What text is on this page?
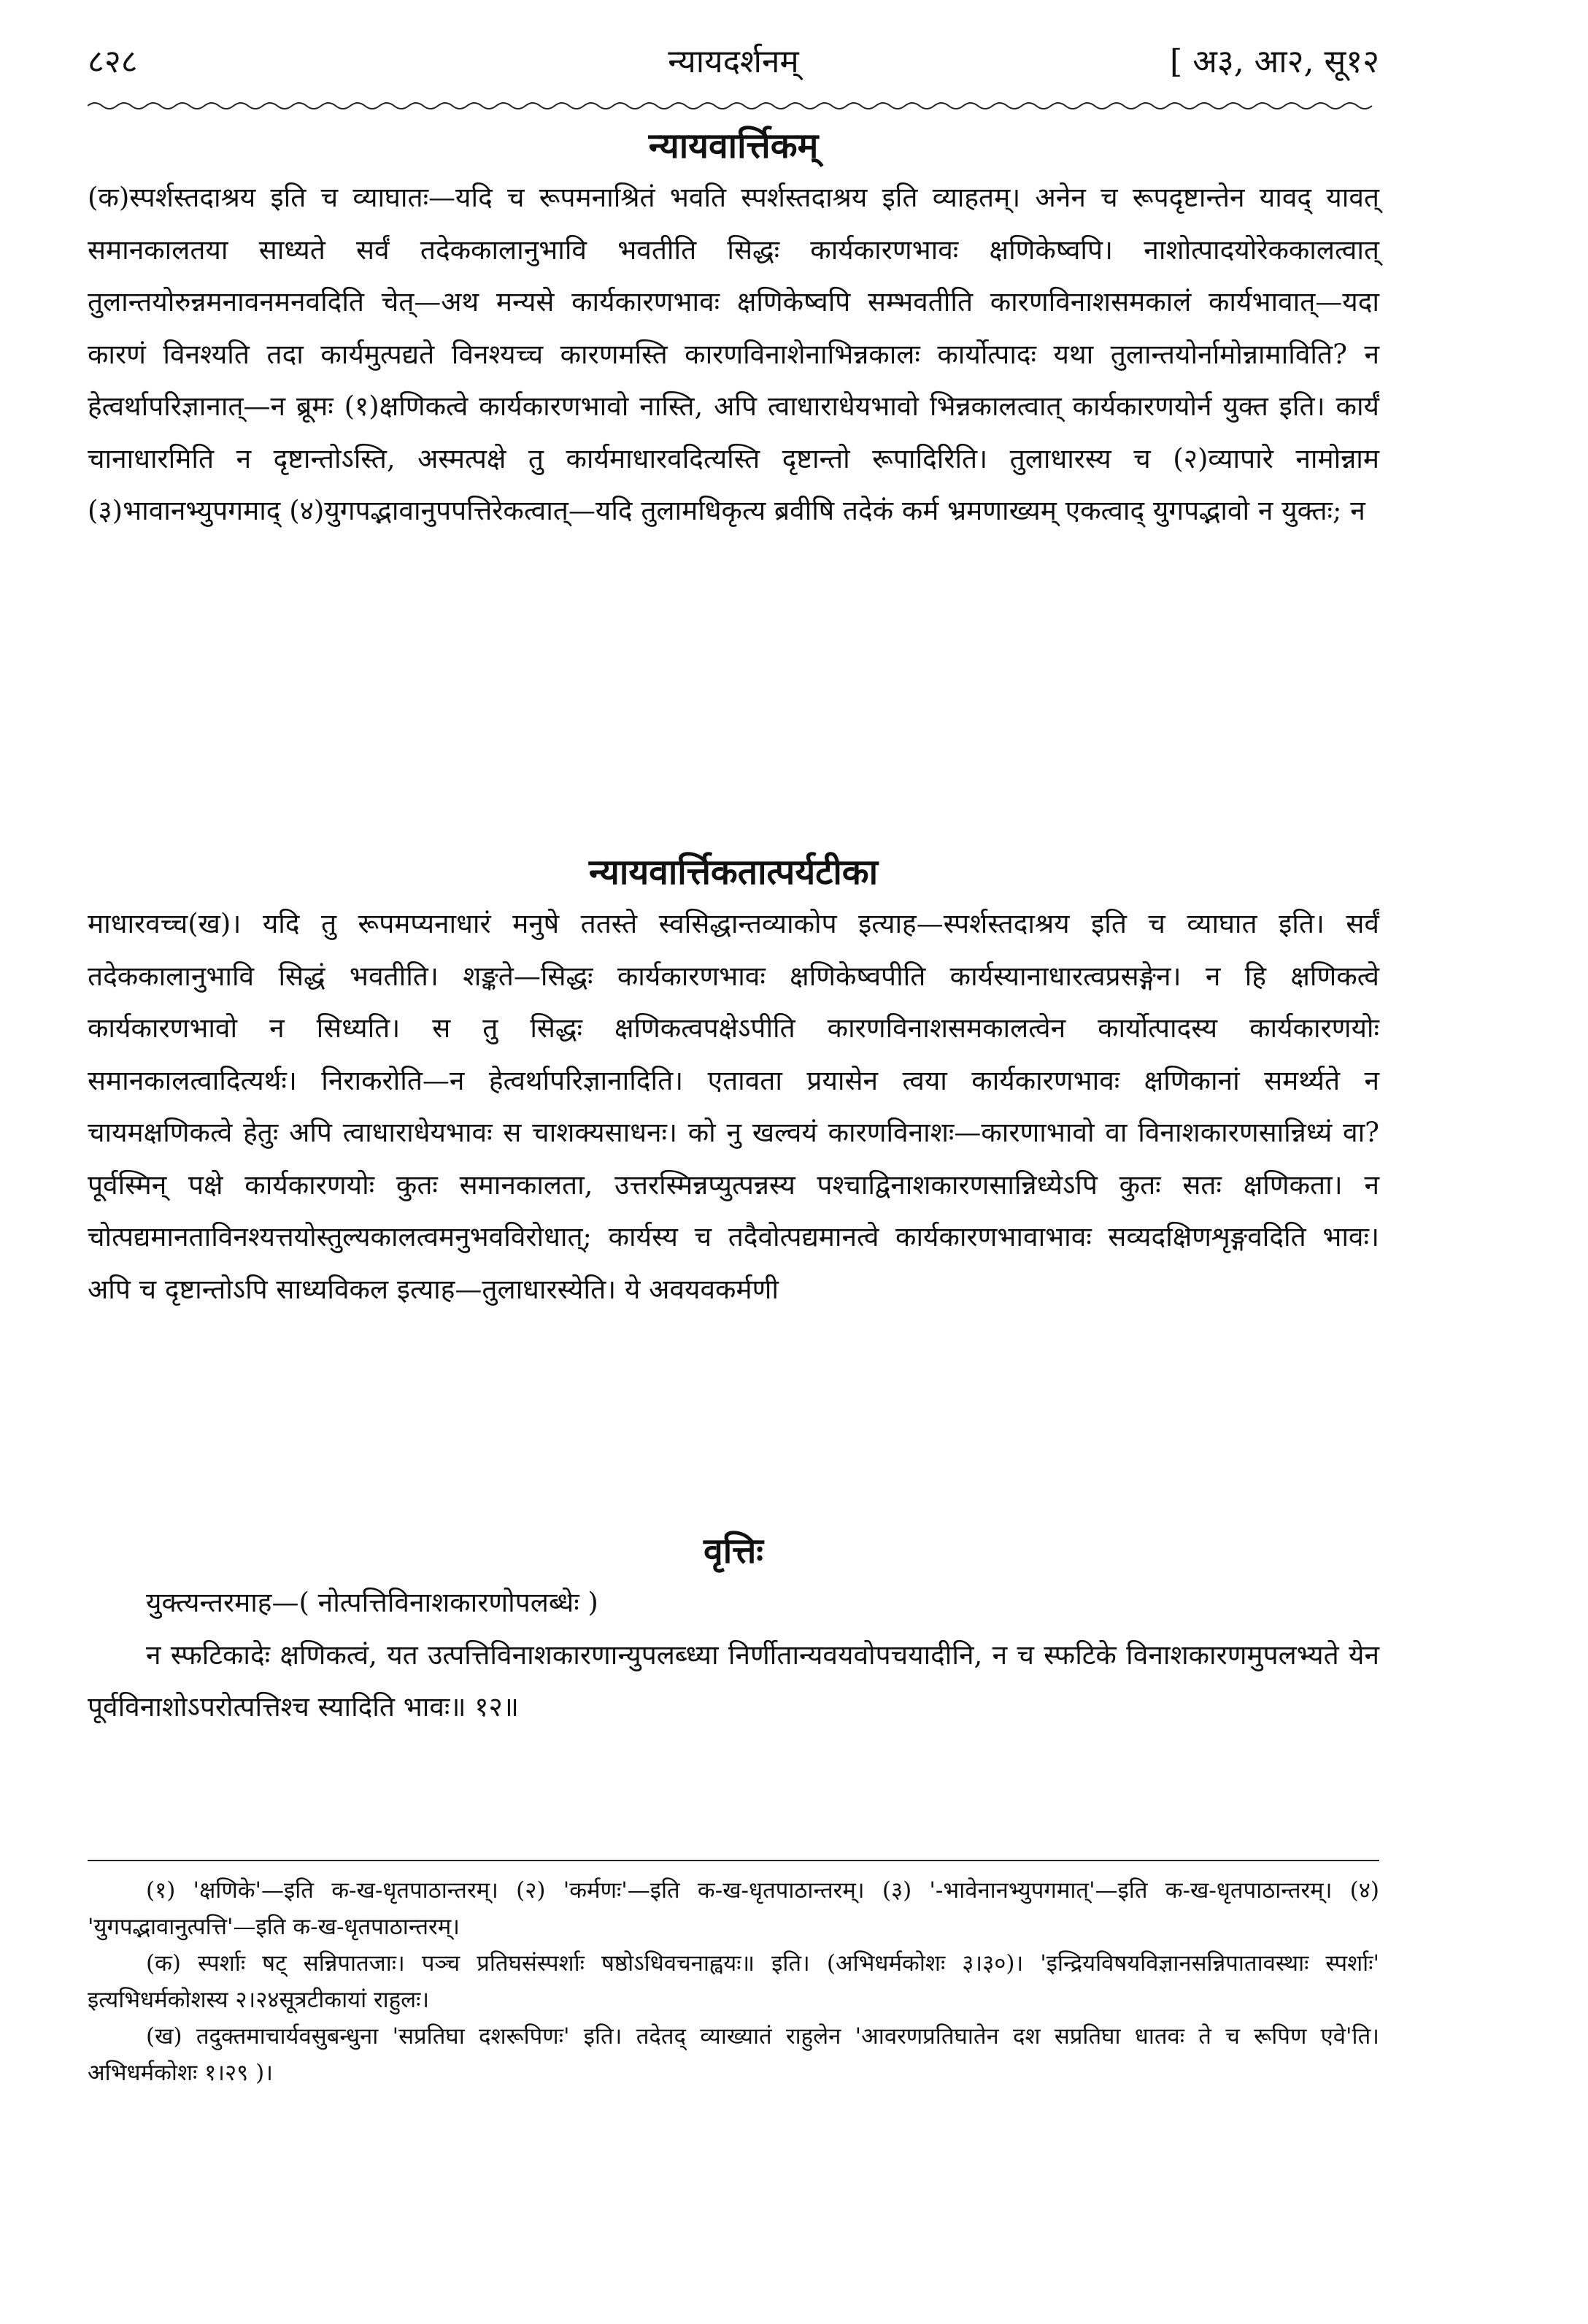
८२८	न्यायदर्शनम्	[ अ३, आ२, सू१२
न्यायवार्त्तिकम्

(क)स्पर्शस्तदाश्रय इति च व्याघातः—यदि च रूपमनाश्रितं भवति स्पर्शस्तदाश्रय इति व्याहतम्। अनेन च रूपदृष्टान्तेन यावद् यावत् समानकालतया साध्यते सर्वं तदेककालानुभावि भवतीति सिद्धः कार्यकारणभावः क्षणिकेष्वपि। नाशोत्पादयोरेककालत्वात् तुलान्तयोरुन्नमनावनमनवदिति चेत्—अथ मन्यसे कार्यकारणभावः क्षणिकेष्वपि सम्भवतीति कारणविनाशसमकालं कार्यभावात्—यदा कारणं विनश्यति तदा कार्यमुत्पद्यते विनश्यच्च कारणमस्ति कारणविनाशेनाभिन्नकालः कार्योत्पादः यथा तुलान्तयोर्नामोन्नामाविति? न हेत्वर्थापरिज्ञानात्—न ब्रूमः (१)क्षणिकत्वे कार्यकारणभावो नास्ति, अपि त्वाधाराधेयभावो भिन्नकालत्वात् कार्यकारणयोर्न युक्त इति। कार्यं चानाधारमिति न दृष्टान्तोऽस्ति, अस्मत्पक्षे तु कार्यमाधारवदित्यस्ति दृष्टान्तो रूपादिरिति। तुलाधारस्य च (२)व्यापारे नामोन्नाम (३)भावानभ्युपगमाद् (४)युगपद्भावानुपपत्तिरेकत्वात्—यदि तुलामधिकृत्य ब्रवीषि तदेकं कर्म भ्रमणाख्यम् एकत्वाद् युगपद्भावो न युक्तः; न

न्यायवार्त्तिकतात्पर्यटीका

माधारवच्च(ख)। यदि तु रूपमप्यनाधारं मनुषे ततस्ते स्वसिद्धान्तव्याकोप इत्याह—स्पर्शस्तदाश्रय इति च व्याघात इति। सर्वं तदेककालानुभावि सिद्धं भवतीति। शङ्कते—सिद्धः कार्यकारणभावः क्षणिकेष्वपीति कार्यस्यानाधारत्वप्रसङ्गेन। न हि क्षणिकत्वे कार्यकारणभावो न सिध्यति। स तु सिद्धः क्षणिकत्वपक्षेऽपीति कारणविनाशसमकालत्वेन कार्योत्पादस्य कार्यकारणयोः समानकालत्वादित्यर्थः। निराकरोति—न हेत्वर्थापरिज्ञानादिति। एतावता प्रयासेन त्वया कार्यकारणभावः क्षणिकानां समर्थ्यते न चायमक्षणिकत्वे हेतुः अपि त्वाधाराधेयभावः स चाशक्यसाधनः। को नु खल्वयं कारणविनाशः—कारणाभावो वा विनाशकारणसान्निध्यं वा? पूर्वस्मिन् पक्षे कार्यकारणयोः कुतः समानकालता, उत्तरस्मिन्नप्युत्पन्नस्य पश्चाद्विनाशकारणसान्निध्येऽपि कुतः सतः क्षणिकता। न चोत्पद्यमानताविनश्यत्तयोस्तुल्यकालत्वमनुभवविरोधात्; कार्यस्य च तदैवोत्पद्यमानत्वे कार्यकारणभावाभावः सव्यदक्षिणशृङ्गवदिति भावः। अपि च दृष्टान्तोऽपि साध्यविकल इत्याह—तुलाधारस्येति। ये अवयवकर्मणी

वृत्तिः

युक्त्यन्तरमाह—( नोत्पत्तिविनाशकारणोपलब्धेः )

न स्फटिकादेः क्षणिकत्वं, यत उत्पत्तिविनाशकारणान्युपलब्ध्या निर्णीतान्यवयवोपचयादीनि, न च स्फटिके विनाशकारणमुपलभ्यते येन पूर्वविनाशोऽपरोत्पत्तिश्च स्यादिति भावः॥ १२॥

(१) 'क्षणिके'—इति क-ख-धृतपाठान्तरम्। (२) 'कर्मणः'—इति क-ख-धृतपाठान्तरम्। (३) '-भावेनानभ्युपगमात्'—इति क-ख-धृतपाठान्तरम्। (४) 'युगपद्भावानुत्पत्ति'—इति क-ख-धृतपाठान्तरम्।

(क) स्पर्शाः षट् सन्निपातजाः। पञ्च प्रतिघसंस्पर्शाः षष्ठोऽधिवचनाह्वयः॥ इति। (अभिधर्मकोशः ३।३०)। 'इन्द्रियविषयविज्ञानसन्निपातावस्थाः स्पर्शाः' इत्यभिधर्मकोशस्य २।२४सूत्रटीकायां राहुलः।

(ख) तदुक्तमाचार्यवसुबन्धुना 'सप्रतिघा दशरूपिणः' इति। तदेतद् व्याख्यातं राहुलेन 'आवरणप्रतिघातेन दश सप्रतिघा धातवः ते च रूपिण एवे'ति। अभिधर्मकोशः १।२९ )।
